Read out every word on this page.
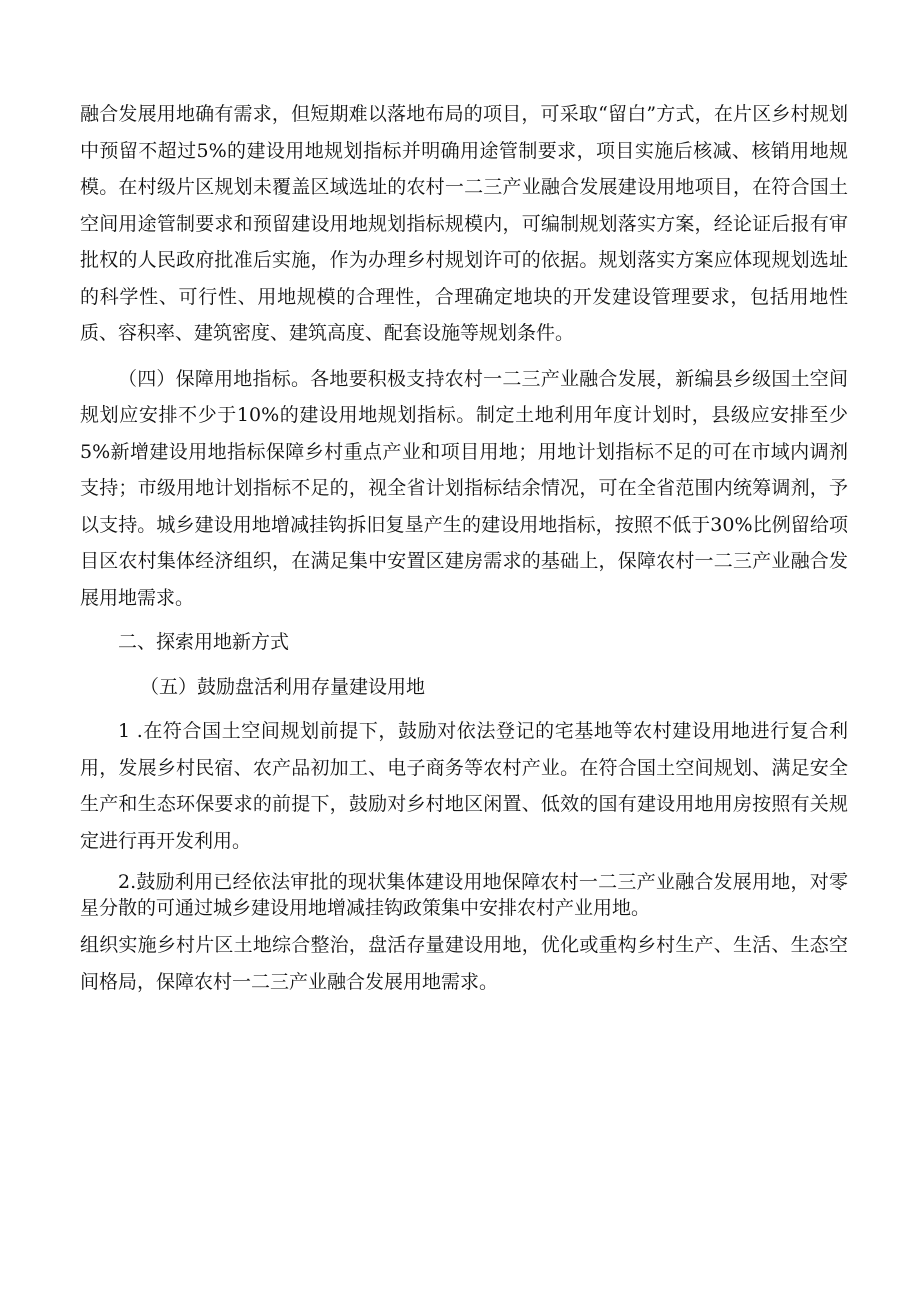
融合发展用地确有需求，但短期难以落地布局的项目，可采取“留白”方式，在片区乡村规划中预留不超过5%的建设用地规划指标并明确用途管制要求，项目实施后核减、核销用地规模。在村级片区规划未覆盖区域选址的农村一二三产业融合发展建设用地项目，在符合国土空间用途管制要求和预留建设用地规划指标规模内，可编制规划落实方案，经论证后报有审批权的人民政府批准后实施，作为办理乡村规划许可的依据。规划落实方案应体现规划选址的科学性、可行性、用地规模的合理性，合理确定地块的开发建设管理要求，包括用地性质、容积率、建筑密度、建筑高度、配套设施等规划条件。

（四）保障用地指标。各地要积极支持农村一二三产业融合发展，新编县乡级国土空间规划应安排不少于10%的建设用地规划指标。制定土地利用年度计划时，县级应安排至少5%新增建设用地指标保障乡村重点产业和项目用地；用地计划指标不足的可在市域内调剂支持；市级用地计划指标不足的，视全省计划指标结余情况，可在全省范围内统筹调剂，予以支持。城乡建设用地增减挂钩拆旧复垦产生的建设用地指标，按照不低于30%比例留给项目区农村集体经济组织，在满足集中安置区建房需求的基础上，保障农村一二三产业融合发展用地需求。

二、探索用地新方式

（五）鼓励盘活利用存量建设用地

1 .在符合国土空间规划前提下，鼓励对依法登记的宅基地等农村建设用地进行复合利用，发展乡村民宿、农产品初加工、电子商务等农村产业。在符合国土空间规划、满足安全生产和生态环保要求的前提下，鼓励对乡村地区闲置、低效的国有建设用地用房按照有关规定进行再开发利用。

2.鼓励利用已经依法审批的现状集体建设用地保障农村一二三产业融合发展用地，对零星分散的可通过城乡建设用地增减挂钩政策集中安排农村产业用地。

组织实施乡村片区土地综合整治，盘活存量建设用地，优化或重构乡村生产、生活、生态空间格局，保障农村一二三产业融合发展用地需求。
